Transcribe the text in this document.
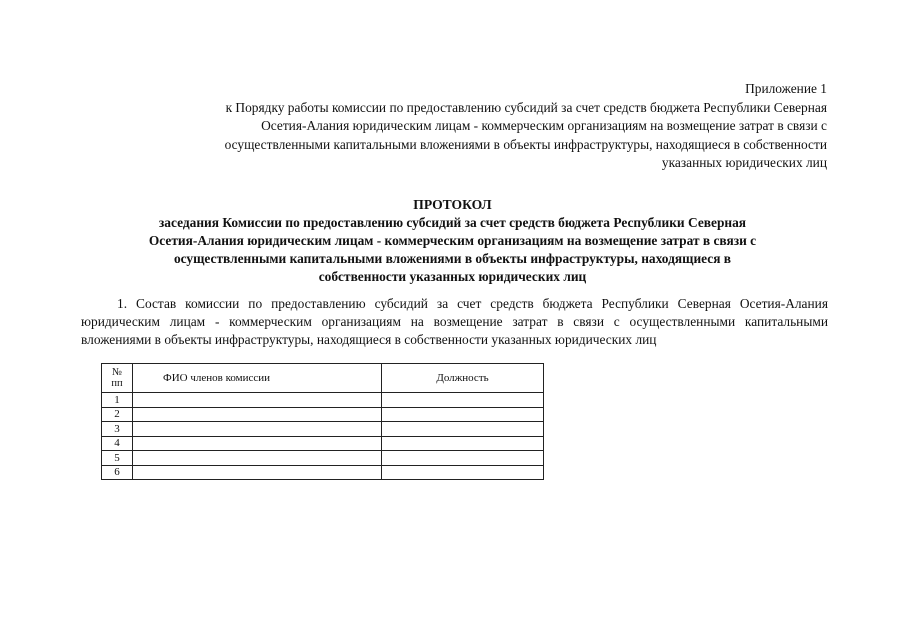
Приложение 1
к Порядку работы комиссии по предоставлению субсидий за счет средств бюджета Республики Северная
Осетия-Алания юридическим лицам - коммерческим организациям на возмещение затрат в связи с
осуществленными капитальными вложениями в объекты инфраструктуры, находящиеся в собственности
указанных юридических лиц
ПРОТОКОЛ
заседания Комиссии по предоставлению субсидий за счет средств бюджета Республики Северная
Осетия-Алания юридическим лицам - коммерческим организациям на возмещение затрат в связи с
осуществленными капитальными вложениями в объекты инфраструктуры, находящиеся в
собственности указанных юридических лиц
1. Состав комиссии по предоставлению субсидий за счет средств бюджета Республики Северная Осетия-Алания
юридическим лицам - коммерческим организациям на возмещение затрат в связи с осуществленными капитальными
вложениями в объекты инфраструктуры, находящиеся в собственности указанных юридических лиц
№
пп	ФИО членов комиссии	Должность
1		
2		
3		
4		
5		
6		
